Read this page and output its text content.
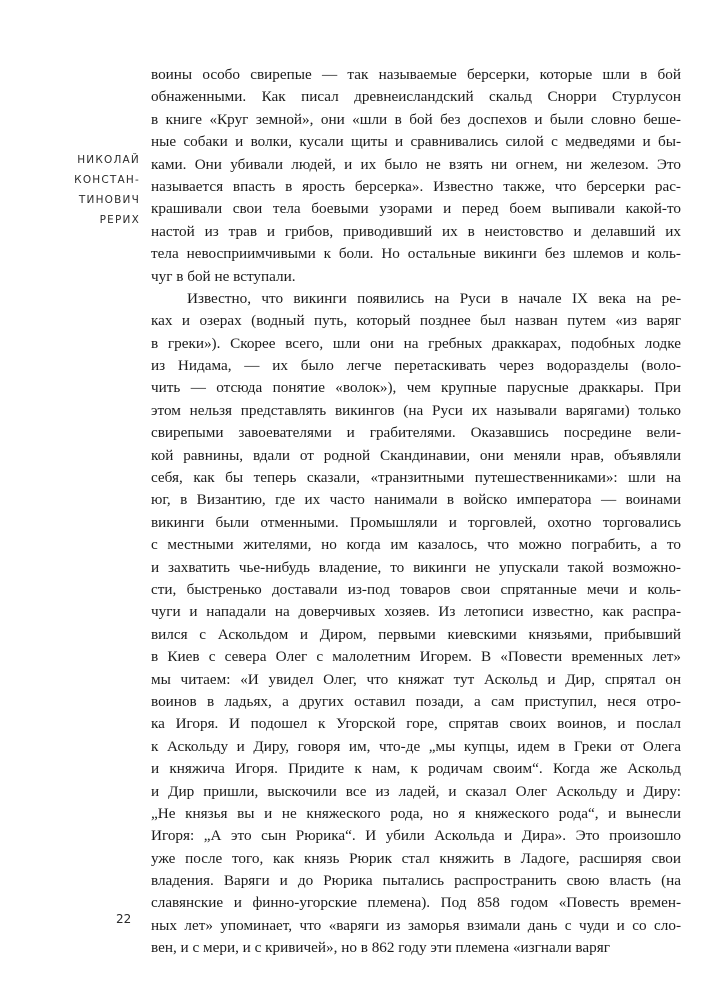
НИКОЛАЙ
КОНСТАН-
ТИНОВИЧ
РЕРИХ
воины особо свирепые — так называемые берсерки, которые шли в бой
обнаженными. Как писал древнеисландский скальд Снорри Стурлусон
в книге «Круг земной», они «шли в бой без доспехов и были словно беше-
ные собаки и волки, кусали щиты и сравнивались силой с медведями и бы-
ками. Они убивали людей, и их было не взять ни огнем, ни железом. Это
называется впасть в ярость берсерка». Известно также, что берсерки рас-
крашивали свои тела боевыми узорами и перед боем выпивали какой-то
настой из трав и грибов, приводивший их в неистовство и делавший их
тела невосприимчивыми к боли. Но остальные викинги без шлемов и коль-
чуг в бой не вступали.
Известно, что викинги появились на Руси в начале IX века на ре-
ках и озерах (водный путь, который позднее был назван путем «из варяг
в греки»). Скорее всего, шли они на гребных драккарах, подобных лодке
из Нидама, — их было легче перетаскивать через водоразделы (воло-
чить — отсюда понятие «волок»), чем крупные парусные драккары. При
этом нельзя представлять викингов (на Руси их называли варягами) только
свирепыми завоевателями и грабителями. Оказавшись посредине вели-
кой равнины, вдали от родной Скандинавии, они меняли нрав, объявляли
себя, как бы теперь сказали, «транзитными путешественниками»: шли на
юг, в Византию, где их часто нанимали в войско императора — воинами
викинги были отменными. Промышляли и торговлей, охотно торговались
с местными жителями, но когда им казалось, что можно пограбить, а то
и захватить чье-нибудь владение, то викинги не упускали такой возможно-
сти, быстренько доставали из-под товаров свои спрятанные мечи и коль-
чуги и нападали на доверчивых хозяев. Из летописи известно, как распра-
вился с Аскольдом и Диром, первыми киевскими князьями, прибывший
в Киев с севера Олег с малолетним Игорем. В «Повести временных лет»
мы читаем: «И увидел Олег, что княжат тут Аскольд и Дир, спрятал он
воинов в ладьях, а других оставил позади, а сам приступил, неся отро-
ка Игоря. И подошел к Угорской горе, спрятав своих воинов, и послал
к Аскольду и Диру, говоря им, что-де „мы купцы, идем в Греки от Олега
и княжича Игоря. Придите к нам, к родичам своим“. Когда же Аскольд
и Дир пришли, выскочили все из ладей, и сказал Олег Аскольду и Диру:
„Не князья вы и не княжеского рода, но я княжеского рода“, и вынесли
Игоря: „А это сын Рюрика“. И убили Аскольда и Дира». Это произошло
уже после того, как князь Рюрик стал княжить в Ладоге, расширяя свои
владения. Варяги и до Рюрика пытались распространить свою власть (на
славянские и финно-угорские племена). Под 858 годом «Повесть времен-
ных лет» упоминает, что «варяги из заморья взимали дань с чуди и со сло-
вен, и с мери, и с кривичей», но в 862 году эти племена «изгнали варяг
22
